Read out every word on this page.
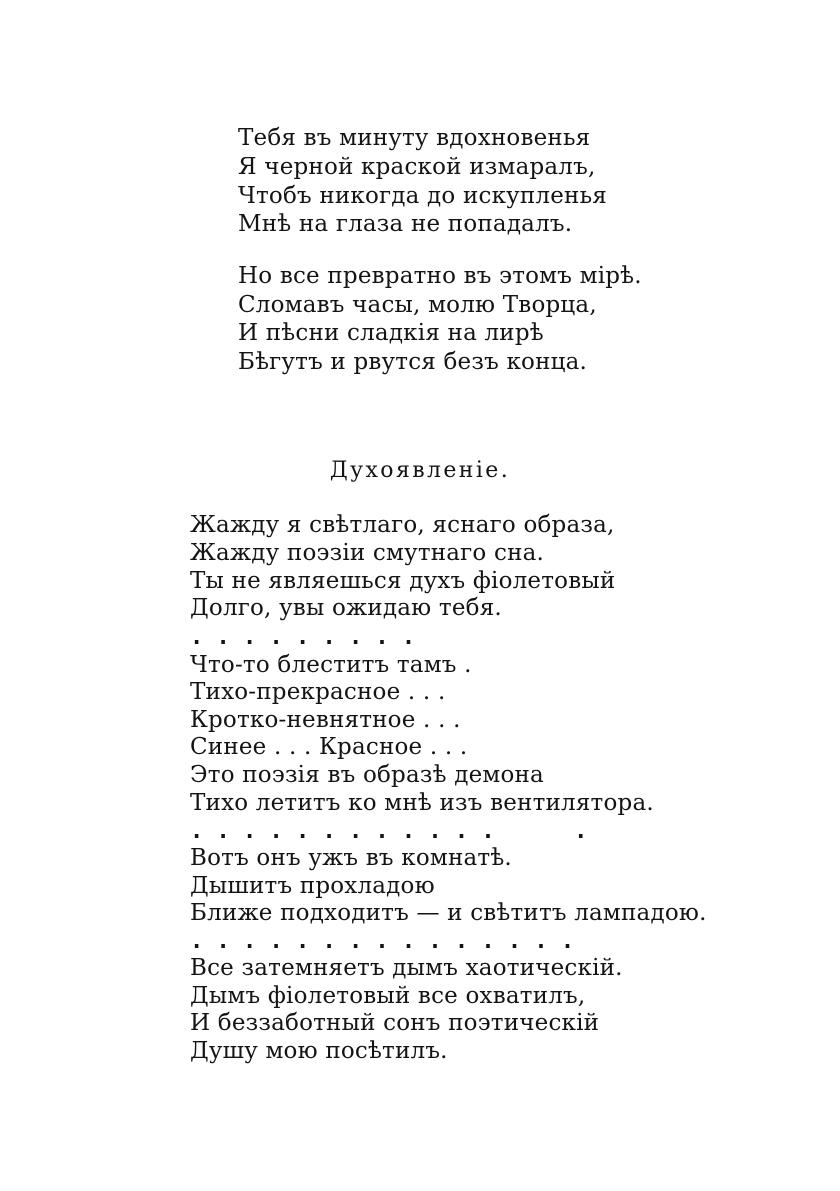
Тебя въ минуту вдохновенья
Я черной краской измаралъ,
Чтобъ никогда до искупленья
Мнѣ на глаза не попадалъ.
Но все превратно въ этомъ мірѣ.
Сломавъ часы, молю Творца,
И пѣсни сладкія на лирѣ
Бѣгутъ и рвутся безъ конца.
Духоявленіе.
Жажду я свѣтлаго, яснаго образа,
Жажду поэзіи смутнаго сна.
Ты не являешься духъ фіолетовый
Долго, увы ожидаю тебя.
. . . . . . . . .
Что-то блеститъ тамъ .
Тихо-прекрасное . . .
Кротко-невнятное . . .
Синее . . . Красное . . .
Это поэзія въ образѣ демона
Тихо летитъ ко мнѣ изъ вентилятора.
. . . . . . . . . . . .      .
Вотъ онъ ужъ въ комнатѣ.
Дышитъ прохладою
Ближе подходитъ — и свѣтитъ лампадою.
. . . . . . . . . . . . . . .
Все затемняетъ дымъ хаотическій.
Дымъ фіолетовый все охватилъ,
И беззаботный сонъ поэтическій
Душу мою посѣтилъ.
